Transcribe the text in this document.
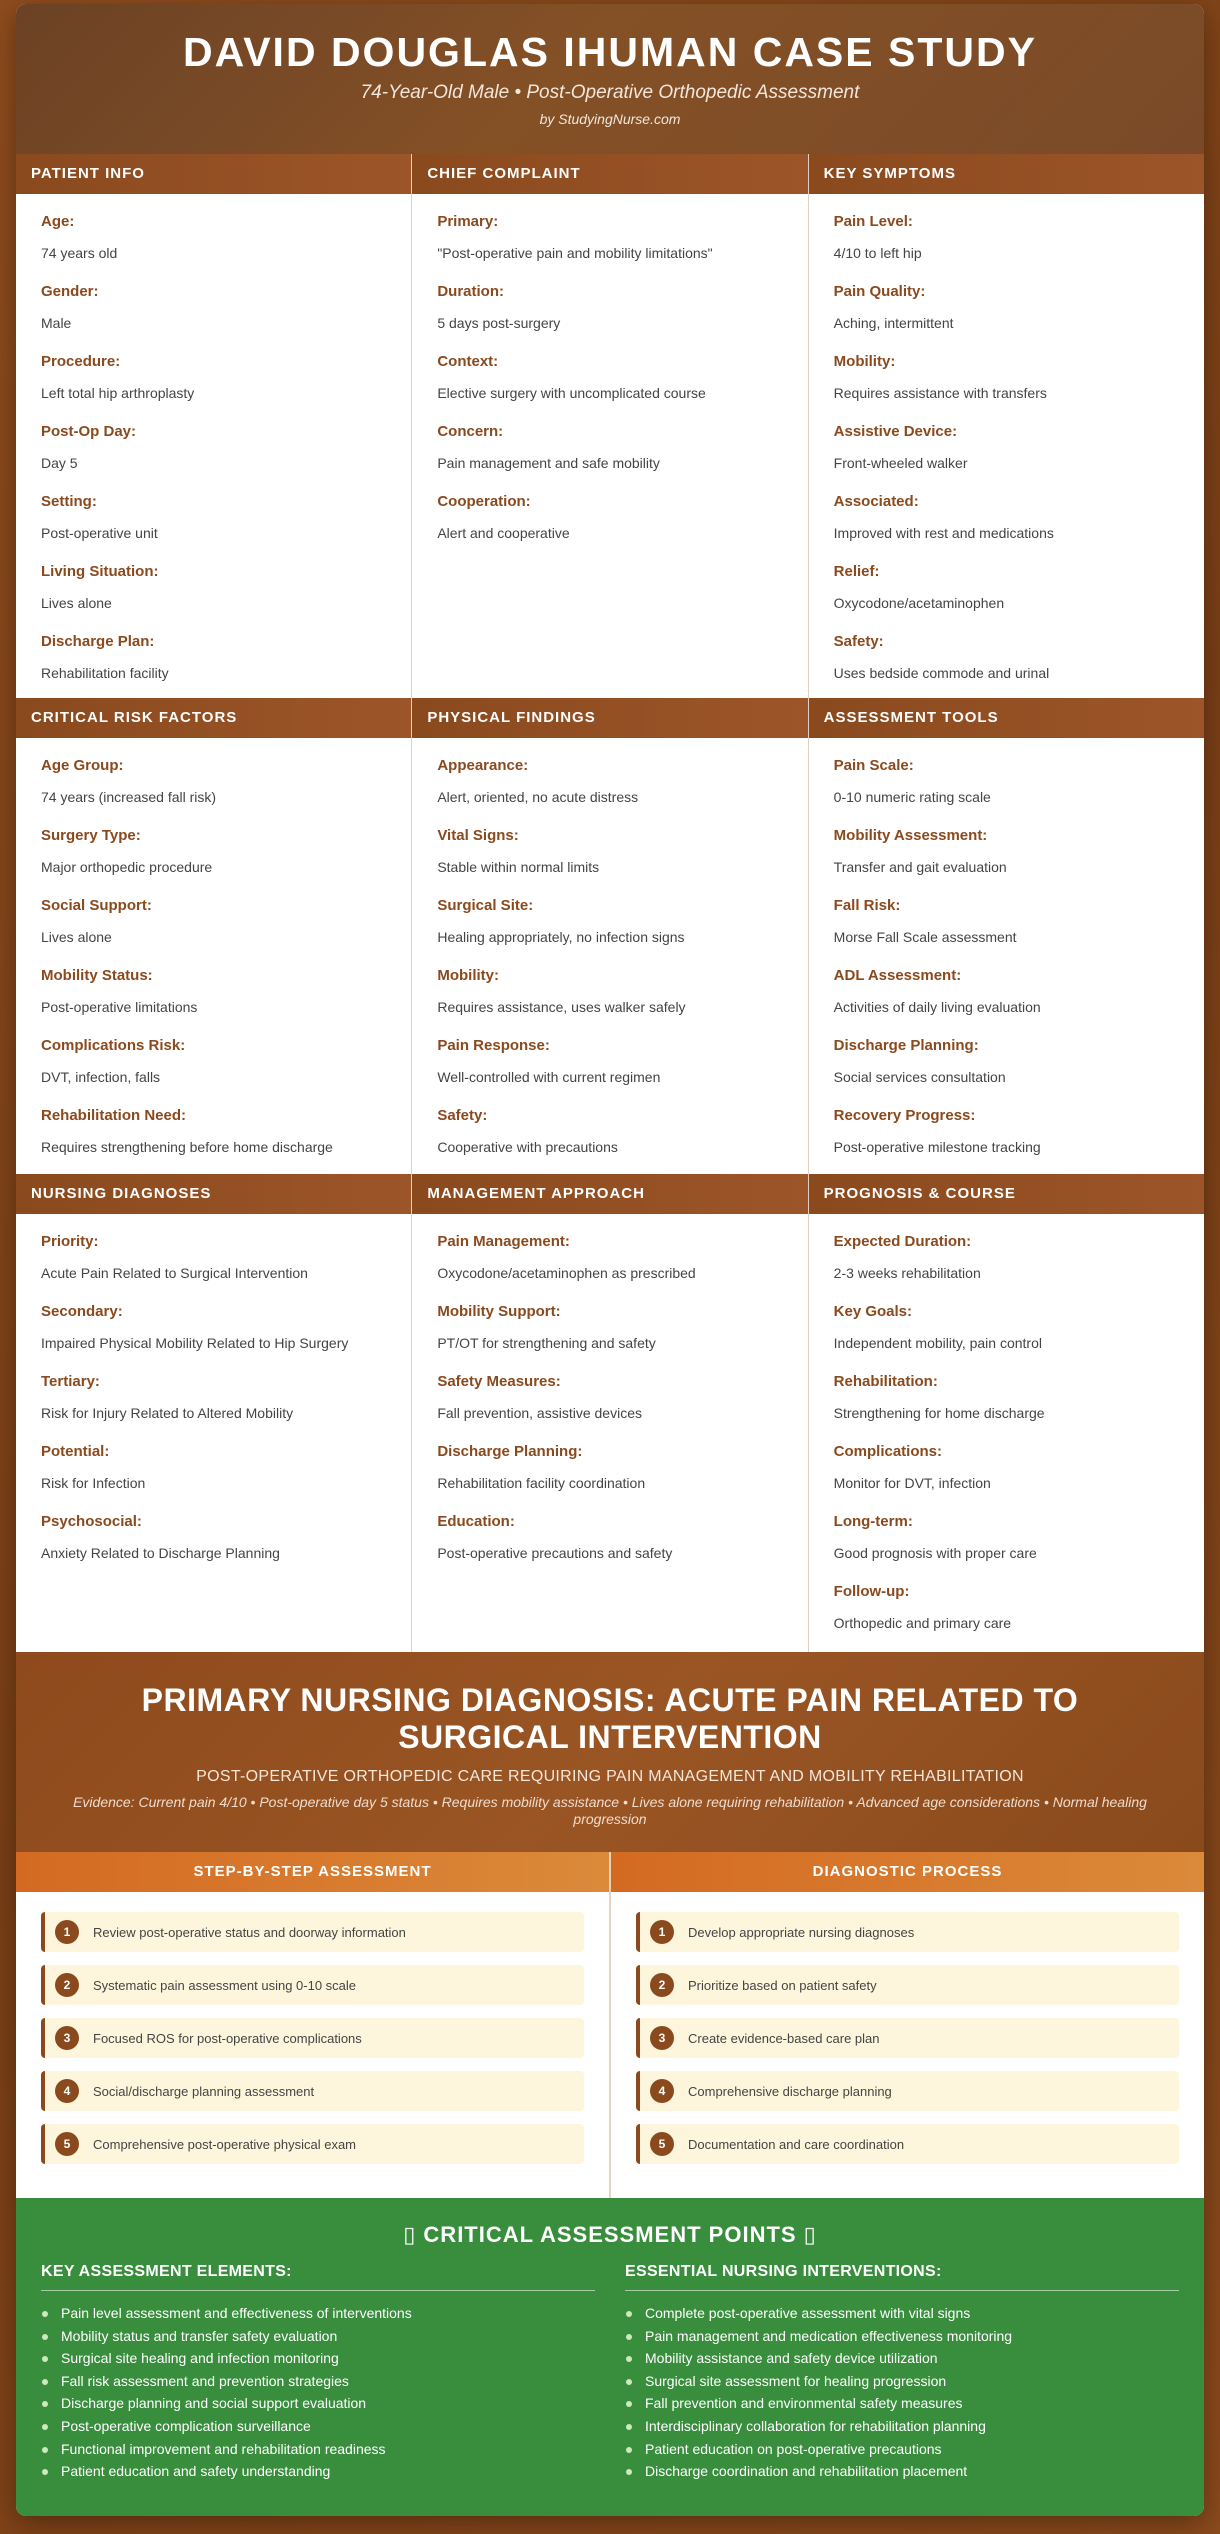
DAVID DOUGLAS IHUMAN CASE STUDY
74-Year-Old Male • Post-Operative Orthopedic Assessment
by StudyingNurse.com
PATIENT INFO
Age:
74 years old
Gender:
Male
Procedure:
Left total hip arthroplasty
Post-Op Day:
Day 5
Setting:
Post-operative unit
Living Situation:
Lives alone
Discharge Plan:
Rehabilitation facility
CHIEF COMPLAINT
Primary:
"Post-operative pain and mobility limitations"
Duration:
5 days post-surgery
Context:
Elective surgery with uncomplicated course
Concern:
Pain management and safe mobility
Cooperation:
Alert and cooperative
KEY SYMPTOMS
Pain Level:
4/10 to left hip
Pain Quality:
Aching, intermittent
Mobility:
Requires assistance with transfers
Assistive Device:
Front-wheeled walker
Associated:
Improved with rest and medications
Relief:
Oxycodone/acetaminophen
Safety:
Uses bedside commode and urinal
CRITICAL RISK FACTORS
Age Group:
74 years (increased fall risk)
Surgery Type:
Major orthopedic procedure
Social Support:
Lives alone
Mobility Status:
Post-operative limitations
Complications Risk:
DVT, infection, falls
Rehabilitation Need:
Requires strengthening before home discharge
PHYSICAL FINDINGS
Appearance:
Alert, oriented, no acute distress
Vital Signs:
Stable within normal limits
Surgical Site:
Healing appropriately, no infection signs
Mobility:
Requires assistance, uses walker safely
Pain Response:
Well-controlled with current regimen
Safety:
Cooperative with precautions
ASSESSMENT TOOLS
Pain Scale:
0-10 numeric rating scale
Mobility Assessment:
Transfer and gait evaluation
Fall Risk:
Morse Fall Scale assessment
ADL Assessment:
Activities of daily living evaluation
Discharge Planning:
Social services consultation
Recovery Progress:
Post-operative milestone tracking
NURSING DIAGNOSES
Priority:
Acute Pain Related to Surgical Intervention
Secondary:
Impaired Physical Mobility Related to Hip Surgery
Tertiary:
Risk for Injury Related to Altered Mobility
Potential:
Risk for Infection
Psychosocial:
Anxiety Related to Discharge Planning
MANAGEMENT APPROACH
Pain Management:
Oxycodone/acetaminophen as prescribed
Mobility Support:
PT/OT for strengthening and safety
Safety Measures:
Fall prevention, assistive devices
Discharge Planning:
Rehabilitation facility coordination
Education:
Post-operative precautions and safety
PROGNOSIS & COURSE
Expected Duration:
2-3 weeks rehabilitation
Key Goals:
Independent mobility, pain control
Rehabilitation:
Strengthening for home discharge
Complications:
Monitor for DVT, infection
Long-term:
Good prognosis with proper care
Follow-up:
Orthopedic and primary care
PRIMARY NURSING DIAGNOSIS: ACUTE PAIN RELATED TO SURGICAL INTERVENTION
POST-OPERATIVE ORTHOPEDIC CARE REQUIRING PAIN MANAGEMENT AND MOBILITY REHABILITATION
Evidence: Current pain 4/10 • Post-operative day 5 status • Requires mobility assistance • Lives alone requiring rehabilitation • Advanced age considerations • Normal healing progression
STEP-BY-STEP ASSESSMENT
1	Review post-operative status and doorway information
2	Systematic pain assessment using 0-10 scale
3	Focused ROS for post-operative complications
4	Social/discharge planning assessment
5	Comprehensive post-operative physical exam
DIAGNOSTIC PROCESS
1	Develop appropriate nursing diagnoses
2	Prioritize based on patient safety
3	Create evidence-based care plan
4	Comprehensive discharge planning
5	Documentation and care coordination
▯ CRITICAL ASSESSMENT POINTS ▯
KEY ASSESSMENT ELEMENTS:
Pain level assessment and effectiveness of interventions
Mobility status and transfer safety evaluation
Surgical site healing and infection monitoring
Fall risk assessment and prevention strategies
Discharge planning and social support evaluation
Post-operative complication surveillance
Functional improvement and rehabilitation readiness
Patient education and safety understanding
ESSENTIAL NURSING INTERVENTIONS:
Complete post-operative assessment with vital signs
Pain management and medication effectiveness monitoring
Mobility assistance and safety device utilization
Surgical site assessment for healing progression
Fall prevention and environmental safety measures
Interdisciplinary collaboration for rehabilitation planning
Patient education on post-operative precautions
Discharge coordination and rehabilitation placement
